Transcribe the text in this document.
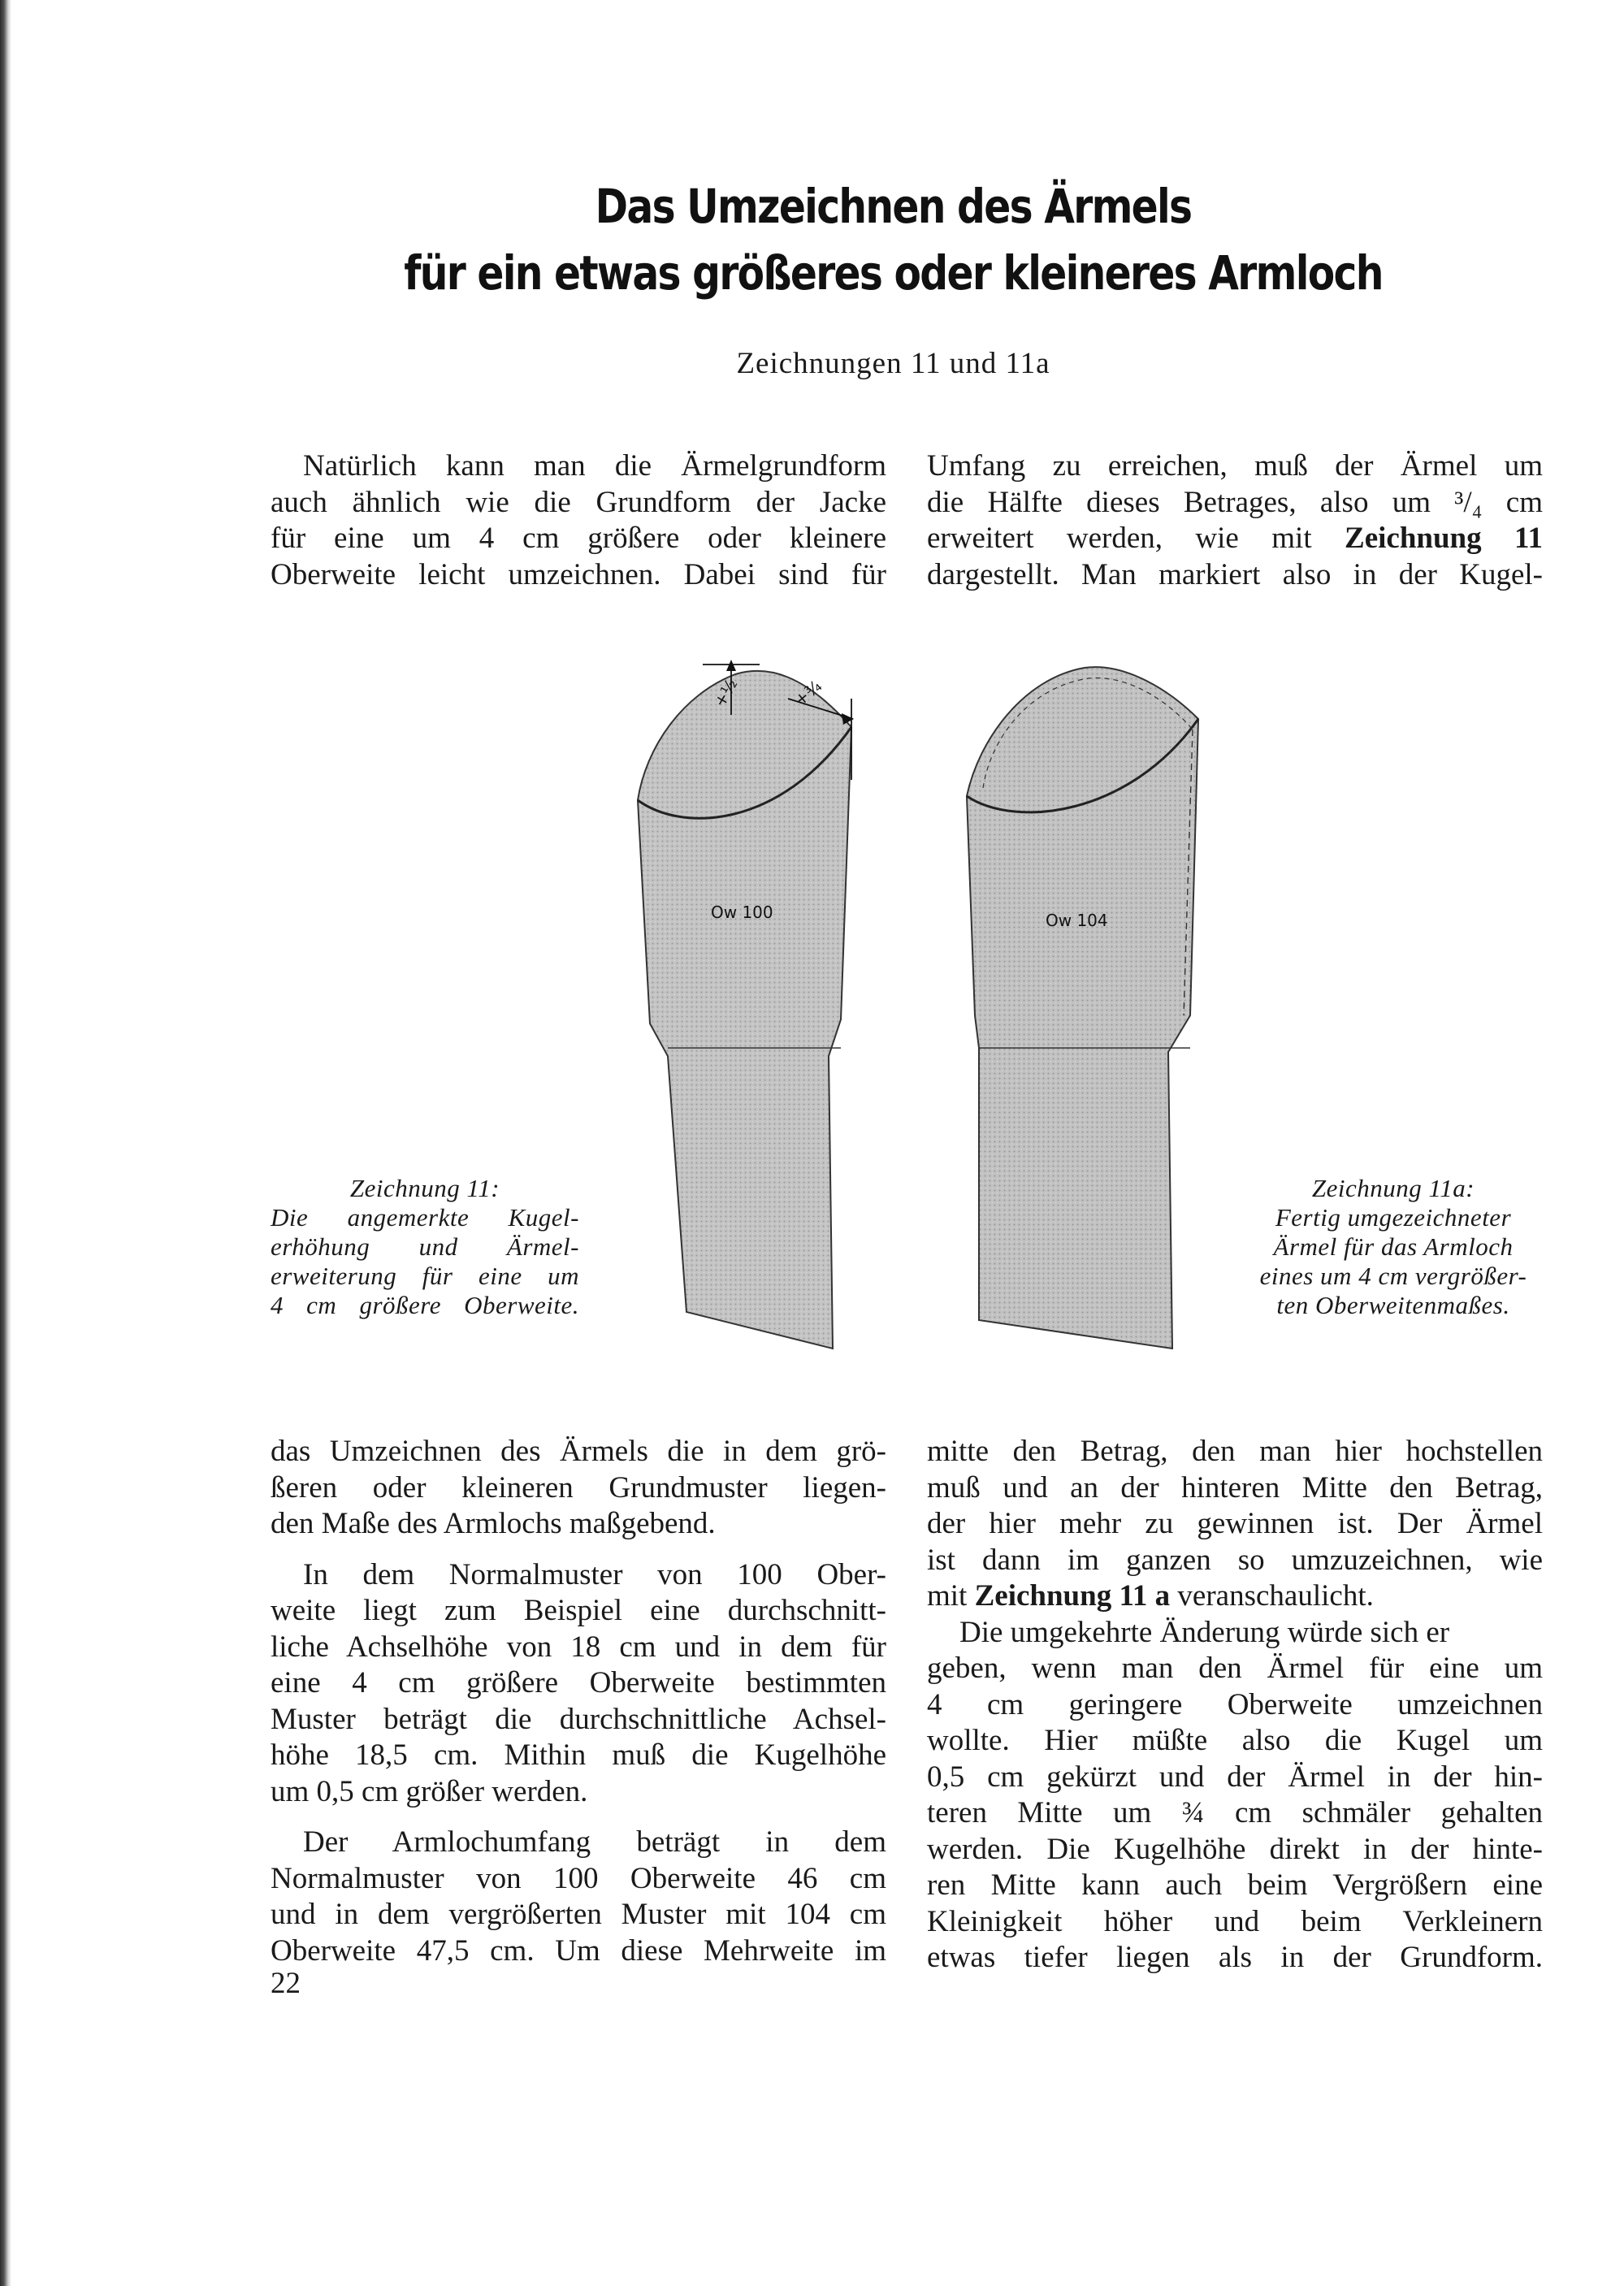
Das Umzeichnen des Ärmels
für ein etwas größeres oder kleineres Armloch
Zeichnungen 11 und 11a
Natürlich kann man die Ärmelgrundform
auch ähnlich wie die Grundform der Jacke
für eine um 4 cm größere oder kleinere
Oberweite leicht umzeichnen. Dabei sind für
Umfang zu erreichen, muß der Ärmel um
die Hälfte dieses Betrages, also um ³/₄ cm
erweitert werden, wie mit Zeichnung 11
dargestellt. Man markiert also in der Kugel-
+½	+¾
Ow 100	Ow 104
Zeichnung 11:
Die angemerkte Kugel-
erhöhung und Ärmel-
erweiterung für eine um
4 cm größere Oberweite.
Zeichnung 11a:
Fertig umgezeichneter
Ärmel für das Armloch
eines um 4 cm vergrößer-
ten Oberweitenmaßes.
das Umzeichnen des Ärmels die in dem grö-
ßeren oder kleineren Grundmuster liegen-
den Maße des Armlochs maßgebend.
In dem Normalmuster von 100 Ober-
weite liegt zum Beispiel eine durchschnitt-
liche Achselhöhe von 18 cm und in dem für
eine 4 cm größere Oberweite bestimmten
Muster beträgt die durchschnittliche Achsel-
höhe 18,5 cm. Mithin muß die Kugelhöhe
um 0,5 cm größer werden.
Der Armlochumfang beträgt in dem
Normalmuster von 100 Oberweite 46 cm
und in dem vergrößerten Muster mit 104 cm
Oberweite 47,5 cm. Um diese Mehrweite im
mitte den Betrag, den man hier hochstellen
muß und an der hinteren Mitte den Betrag,
der hier mehr zu gewinnen ist. Der Ärmel
ist dann im ganzen so umzuzeichnen, wie
mit Zeichnung 11 a veranschaulicht.
Die umgekehrte Änderung würde sich er
geben, wenn man den Ärmel für eine um
4 cm geringere Oberweite umzeichnen
wollte. Hier müßte also die Kugel um
0,5 cm gekürzt und der Ärmel in der hin-
teren Mitte um ¾ cm schmäler gehalten
werden. Die Kugelhöhe direkt in der hinte-
ren Mitte kann auch beim Vergrößern eine
Kleinigkeit höher und beim Verkleinern
etwas tiefer liegen als in der Grundform.
22
